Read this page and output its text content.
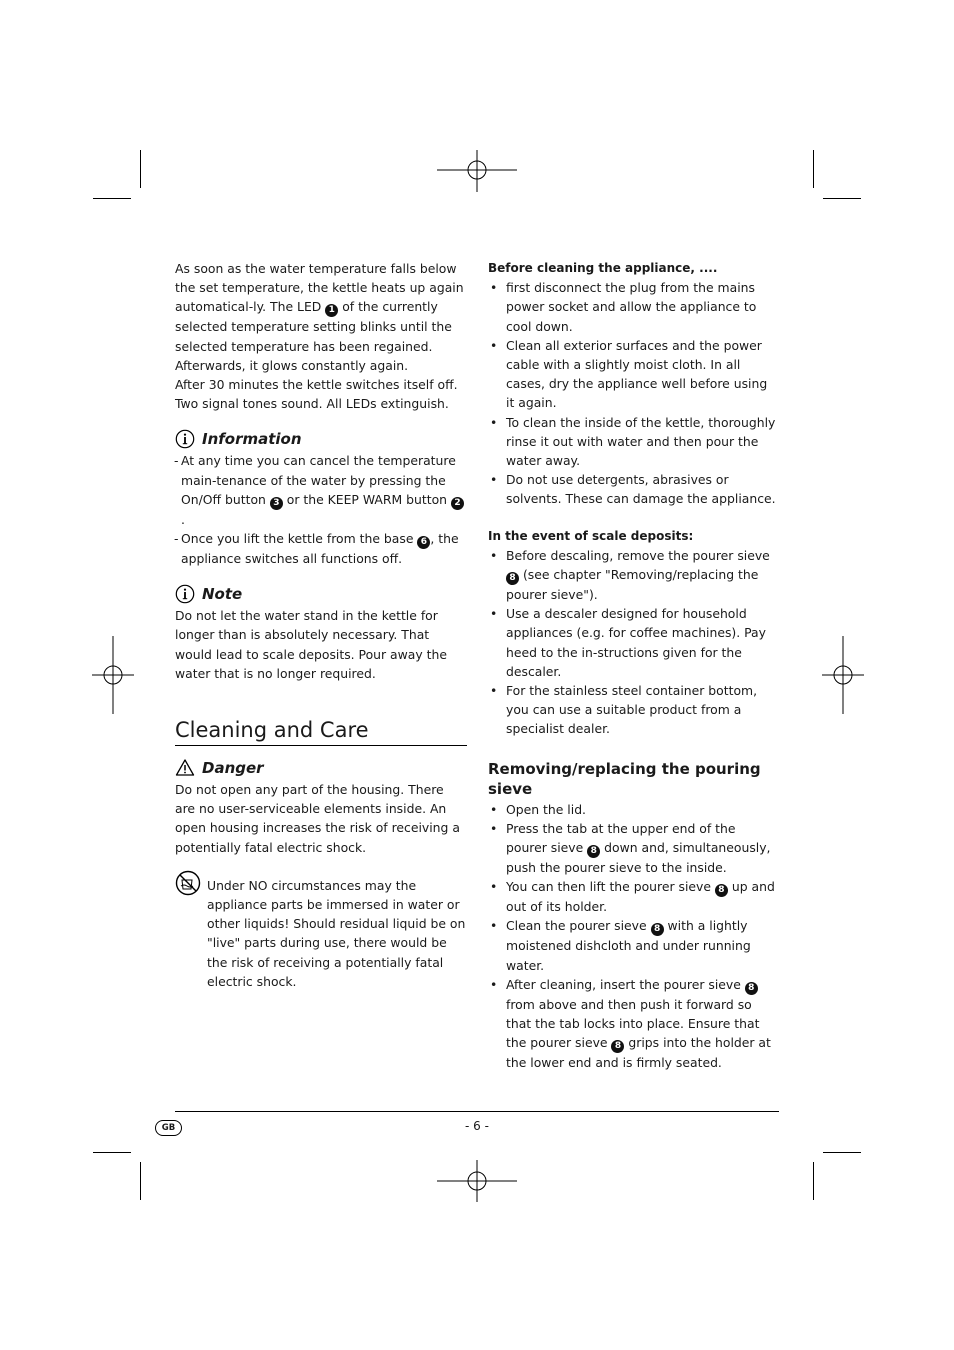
As soon as the water temperature falls below the set temperature, the kettle heats up again automatical-ly. The LED 1 of the currently selected temperature setting blinks until the selected temperature has been regained. Afterwards, it glows constantly again.

After 30 minutes the kettle switches itself off. Two signal tones sound. All LEDs extinguish.

Information
- At any time you can cancel the temperature main-tenance of the water by pressing the On/Off button 3 or the KEEP WARM button 2.
- Once you lift the kettle from the base 6 , the appliance switches all functions off.
Note

Do not let the water stand in the kettle for longer than is absolutely necessary. That would lead to scale deposits. Pour away the water that is no longer required.

Cleaning and Care
Danger

Do not open any part of the housing. There are no user-serviceable elements inside. An open housing increases the risk of receiving a potentially fatal electric shock.

Under NO circumstances may the appliance parts be immersed in water or other liquids! Should residual liquid be on "live" parts during use, there would be the risk of receiving a potentially fatal electric shock.

Before cleaning the appliance, ....

• first disconnect the plug from the mains power socket and allow the appliance to cool down.
• Clean all exterior surfaces and the power cable with a slightly moist cloth. In all cases, dry the appliance well before using it again.
• To clean the inside of the kettle, thoroughly rinse it out with water and then pour the water away.
• Do not use detergents, abrasives or solvents. These can damage the appliance.

In the event of scale deposits:

• Before descaling, remove the pourer sieve 8 (see chapter "Removing/replacing the pourer sieve").
• Use a descaler designed for household appliances (e.g. for coffee machines). Pay heed to the in-structions given for the descaler.
• For the stainless steel container bottom, you can use a suitable product from a specialist dealer.
Removing/replacing the pouring sieve
• Open the lid.
• Press the tab at the upper end of the pourer sieve 8 down and, simultaneously, push the pourer sieve to the inside.
• You can then lift the pourer sieve 8 up and out of its holder.
• Clean the pourer sieve 8 with a lightly moistened dishcloth and under running water.
• After cleaning, insert the pourer sieve 8 from above and then push it forward so that the tab locks into place. Ensure that the pourer sieve 8 grips into the holder at the lower end and is firmly seated.
GB	- 6 -
